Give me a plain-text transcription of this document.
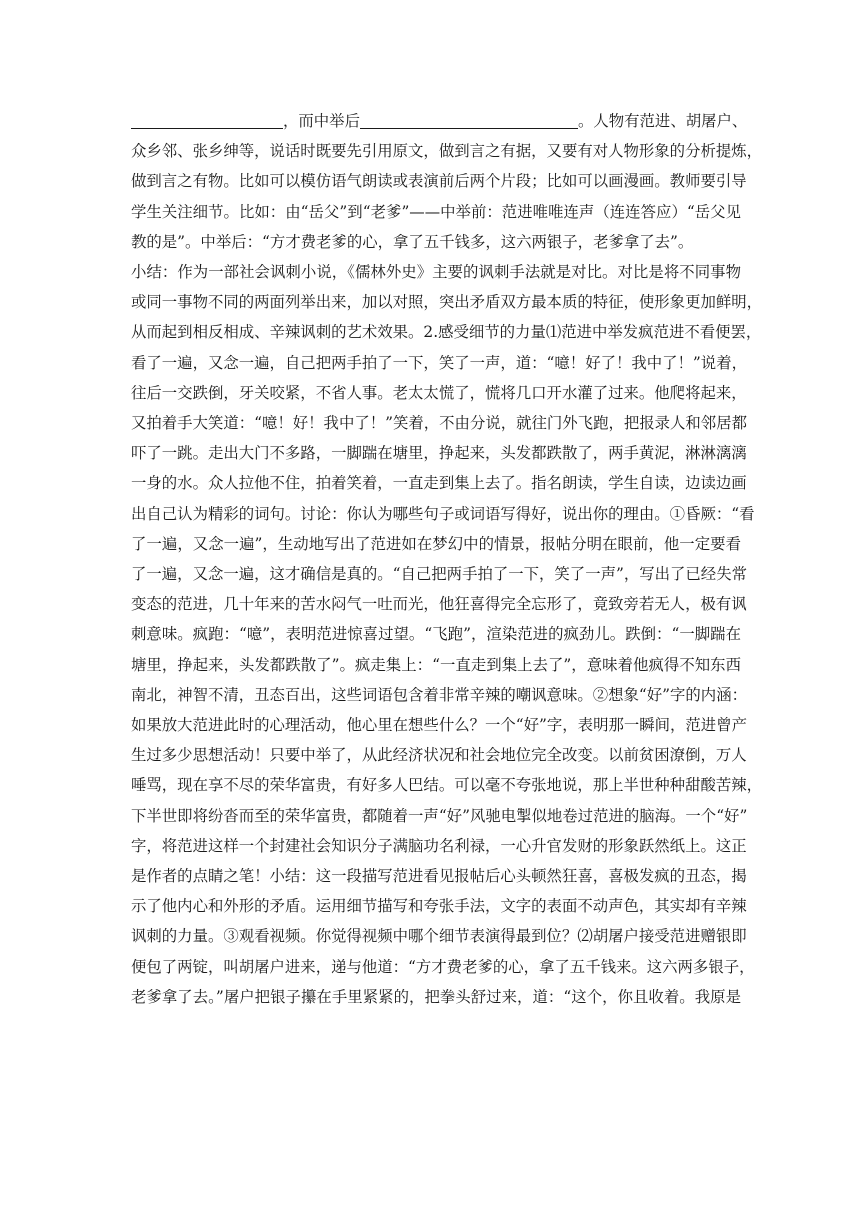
，而中举后	。人物有范进、胡屠户、
众乡邻、张乡绅等，说话时既要先引用原文，做到言之有据，又要有对人物形象的分析提炼，
做到言之有物。比如可以模仿语气朗读或表演前后两个片段；比如可以画漫画。教师要引导
学生关注细节。比如：由“岳父”到“老爹”——中举前：范进唯唯连声（连连答应）“岳父见
教的是”。中举后：“方才费老爹的心，拿了五千钱多，这六两银子，老爹拿了去”。
小结：作为一部社会讽刺小说，《儒林外史》主要的讽刺手法就是对比。对比是将不同事物
或同一事物不同的两面列举出来，加以对照，突出矛盾双方最本质的特征，使形象更加鲜明，
从而起到相反相成、辛辣讽刺的艺术效果。2.感受细节的力量⑴范进中举发疯范进不看便罢，
看了一遍，又念一遍，自己把两手拍了一下，笑了一声，道：“噫！好了！我中了！”说着，
往后一交跌倒，牙关咬紧，不省人事。老太太慌了，慌将几口开水灌了过来。他爬将起来，
又拍着手大笑道：“噫！好！我中了！”笑着，不由分说，就往门外飞跑，把报录人和邻居都
吓了一跳。走出大门不多路，一脚踹在塘里，挣起来，头发都跌散了，两手黄泥，淋淋漓漓
一身的水。众人拉他不住，拍着笑着，一直走到集上去了。指名朗读，学生自读，边读边画
出自己认为精彩的词句。讨论：你认为哪些句子或词语写得好，说出你的理由。①昏厥：“看
了一遍，又念一遍”，生动地写出了范进如在梦幻中的情景，报帖分明在眼前，他一定要看
了一遍，又念一遍，这才确信是真的。“自己把两手拍了一下，笑了一声”，写出了已经失常
变态的范进，几十年来的苦水闷气一吐而光，他狂喜得完全忘形了，竟致旁若无人，极有讽
刺意味。疯跑：“噫”，表明范进惊喜过望。“飞跑”，渲染范进的疯劲儿。跌倒：“一脚踹在
塘里，挣起来，头发都跌散了”。疯走集上：“一直走到集上去了”，意味着他疯得不知东西
南北，神智不清，丑态百出，这些词语包含着非常辛辣的嘲讽意味。②想象“好”字的内涵：
如果放大范进此时的心理活动，他心里在想些什么？一个“好”字，表明那一瞬间，范进曾产
生过多少思想活动！只要中举了，从此经济状况和社会地位完全改变。以前贫困潦倒，万人
唾骂，现在享不尽的荣华富贵，有好多人巴结。可以毫不夸张地说，那上半世种种甜酸苦辣，
下半世即将纷沓而至的荣华富贵，都随着一声“好”风驰电掣似地卷过范进的脑海。一个“好”
字，将范进这样一个封建社会知识分子满脑功名利禄，一心升官发财的形象跃然纸上。这正
是作者的点睛之笔！小结：这一段描写范进看见报帖后心头顿然狂喜，喜极发疯的丑态，揭
示了他内心和外形的矛盾。运用细节描写和夸张手法，文字的表面不动声色，其实却有辛辣
讽刺的力量。③观看视频。你觉得视频中哪个细节表演得最到位？⑵胡屠户接受范进赠银即
便包了两锭，叫胡屠户进来，递与他道：“方才费老爹的心，拿了五千钱来。这六两多银子，
老爹拿了去。”屠户把银子攥在手里紧紧的，把拳头舒过来，道：“这个，你且收着。我原是
